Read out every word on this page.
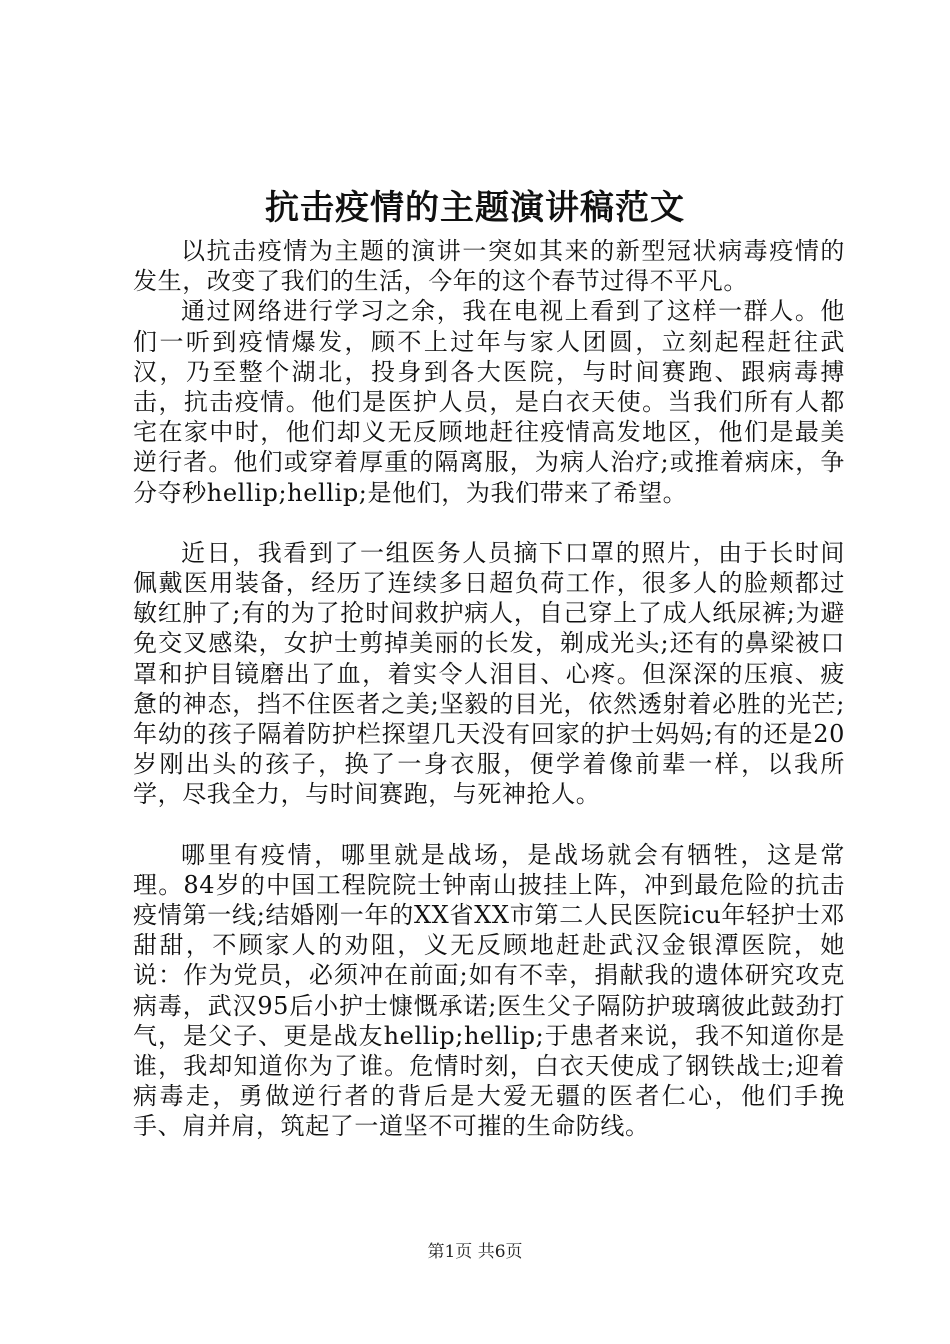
抗击疫情的主题演讲稿范文

以抗击疫情为主题的演讲一突如其来的新型冠状病毒疫情的发生，改变了我们的生活，今年的这个春节过得不平凡。

通过网络进行学习之余，我在电视上看到了这样一群人。他们一听到疫情爆发，顾不上过年与家人团圆，立刻起程赶往武汉，乃至整个湖北，投身到各大医院，与时间赛跑、跟病毒搏击，抗击疫情。他们是医护人员，是白衣天使。当我们所有人都宅在家中时，他们却义无反顾地赶往疫情高发地区，他们是最美逆行者。他们或穿着厚重的隔离服，为病人治疗;或推着病床，争分夺秒hellip;hellip;是他们，为我们带来了希望。

近日，我看到了一组医务人员摘下口罩的照片，由于长时间佩戴医用装备，经历了连续多日超负荷工作，很多人的脸颊都过敏红肿了;有的为了抢时间救护病人，自己穿上了成人纸尿裤;为避免交叉感染，女护士剪掉美丽的长发，剃成光头;还有的鼻梁被口罩和护目镜磨出了血，着实令人泪目、心疼。但深深的压痕、疲惫的神态，挡不住医者之美;坚毅的目光，依然透射着必胜的光芒;年幼的孩子隔着防护栏探望几天没有回家的护士妈妈;有的还是20岁刚出头的孩子，换了一身衣服，便学着像前辈一样，以我所学，尽我全力，与时间赛跑，与死神抢人。

哪里有疫情，哪里就是战场，是战场就会有牺牲，这是常理。84岁的中国工程院院士钟南山披挂上阵，冲到最危险的抗击疫情第一线;结婚刚一年的XX省XX市第二人民医院icu年轻护士邓甜甜，不顾家人的劝阻，义无反顾地赶赴武汉金银潭医院，她说：作为党员，必须冲在前面;如有不幸，捐献我的遗体研究攻克病毒，武汉95后小护士慷慨承诺;医生父子隔防护玻璃彼此鼓劲打气，是父子、更是战友hellip;hellip;于患者来说，我不知道你是谁，我却知道你为了谁。危情时刻，白衣天使成了钢铁战士;迎着病毒走，勇做逆行者的背后是大爱无疆的医者仁心，他们手挽手、肩并肩，筑起了一道坚不可摧的生命防线。

第1页 共6页
